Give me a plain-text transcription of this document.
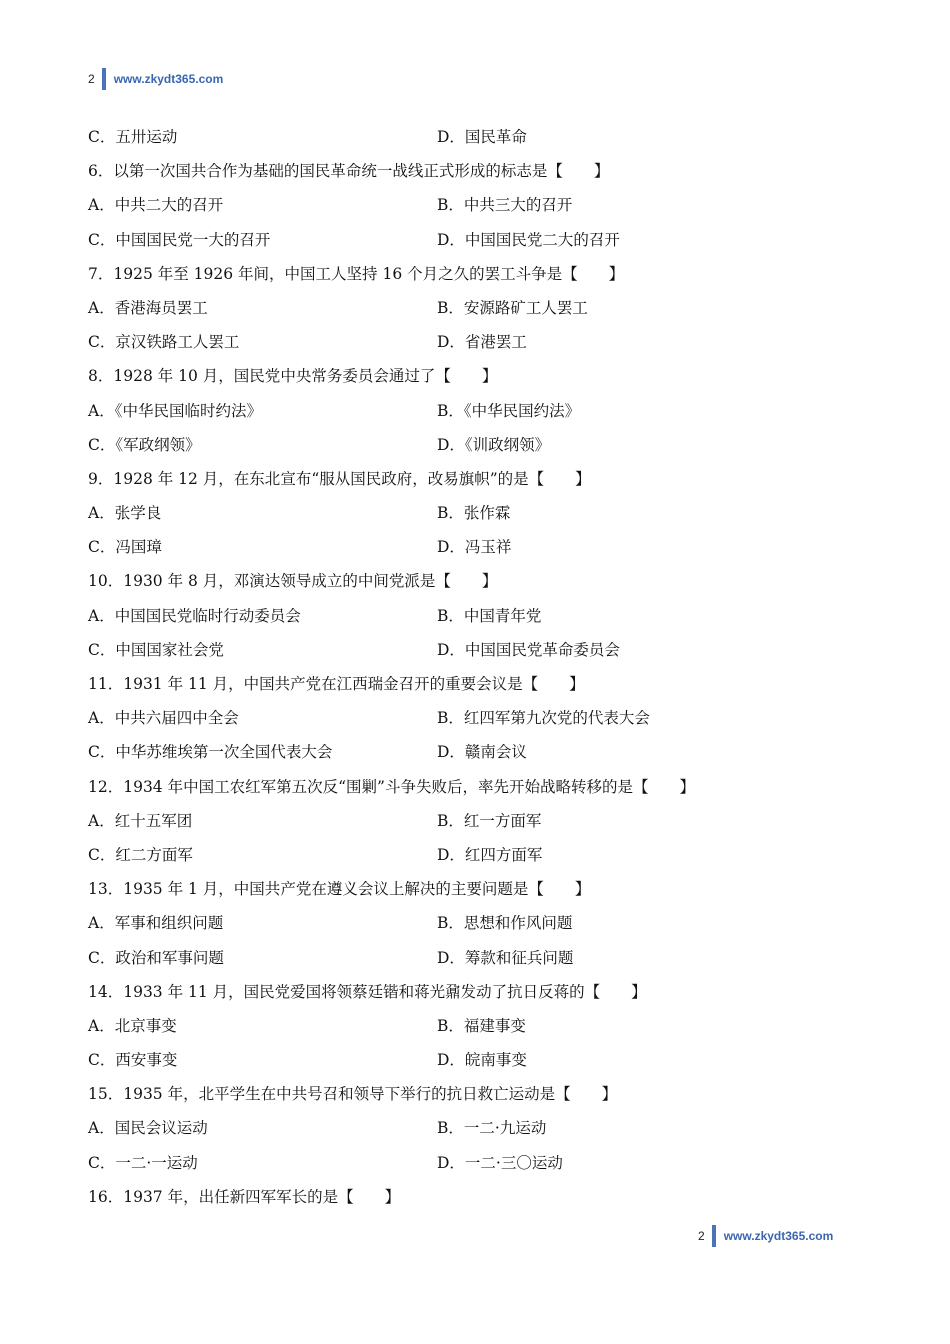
2 www.zkydt365.com
C．五卅运动	D．国民革命
6．以第一次国共合作为基础的国民革命统一战线正式形成的标志是【　　】
A．中共二大的召开	B．中共三大的召开
C．中国国民党一大的召开	D．中国国民党二大的召开
7．1925 年至 1926 年间，中国工人坚持 16 个月之久的罢工斗争是【　　】
A．香港海员罢工	B．安源路矿工人罢工
C．京汉铁路工人罢工	D．省港罢工
8．1928 年 10 月，国民党中央常务委员会通过了【　　】
A．《中华民国临时约法》	B．《中华民国约法》
C．《军政纲领》	D．《训政纲领》
9．1928 年 12 月，在东北宣布“服从国民政府，改易旗帜”的是【　　】
A．张学良	B．张作霖
C．冯国璋	D．冯玉祥
10．1930 年 8 月，邓演达领导成立的中间党派是【　　】
A．中国国民党临时行动委员会	B．中国青年党
C．中国国家社会党	D．中国国民党革命委员会
11．1931 年 11 月，中国共产党在江西瑞金召开的重要会议是【　　】
A．中共六届四中全会	B．红四军第九次党的代表大会
C．中华苏维埃第一次全国代表大会	D．赣南会议
12．1934 年中国工农红军第五次反“围剿”斗争失败后，率先开始战略转移的是【　　】
A．红十五军团	B．红一方面军
C．红二方面军	D．红四方面军
13．1935 年 1 月，中国共产党在遵义会议上解决的主要问题是【　　】
A．军事和组织问题	B．思想和作风问题
C．政治和军事问题	D．筹款和征兵问题
14．1933 年 11 月，国民党爱国将领蔡廷锴和蒋光鼐发动了抗日反蒋的【　　】
A．北京事变	B．福建事变
C．西安事变	D．皖南事变
15．1935 年，北平学生在中共号召和领导下举行的抗日救亡运动是【　　】
A．国民会议运动	B．一二·九运动
C．一二·一运动	D．一二·三〇运动
16．1937 年，出任新四军军长的是【　　】
2 www.zkydt365.com
